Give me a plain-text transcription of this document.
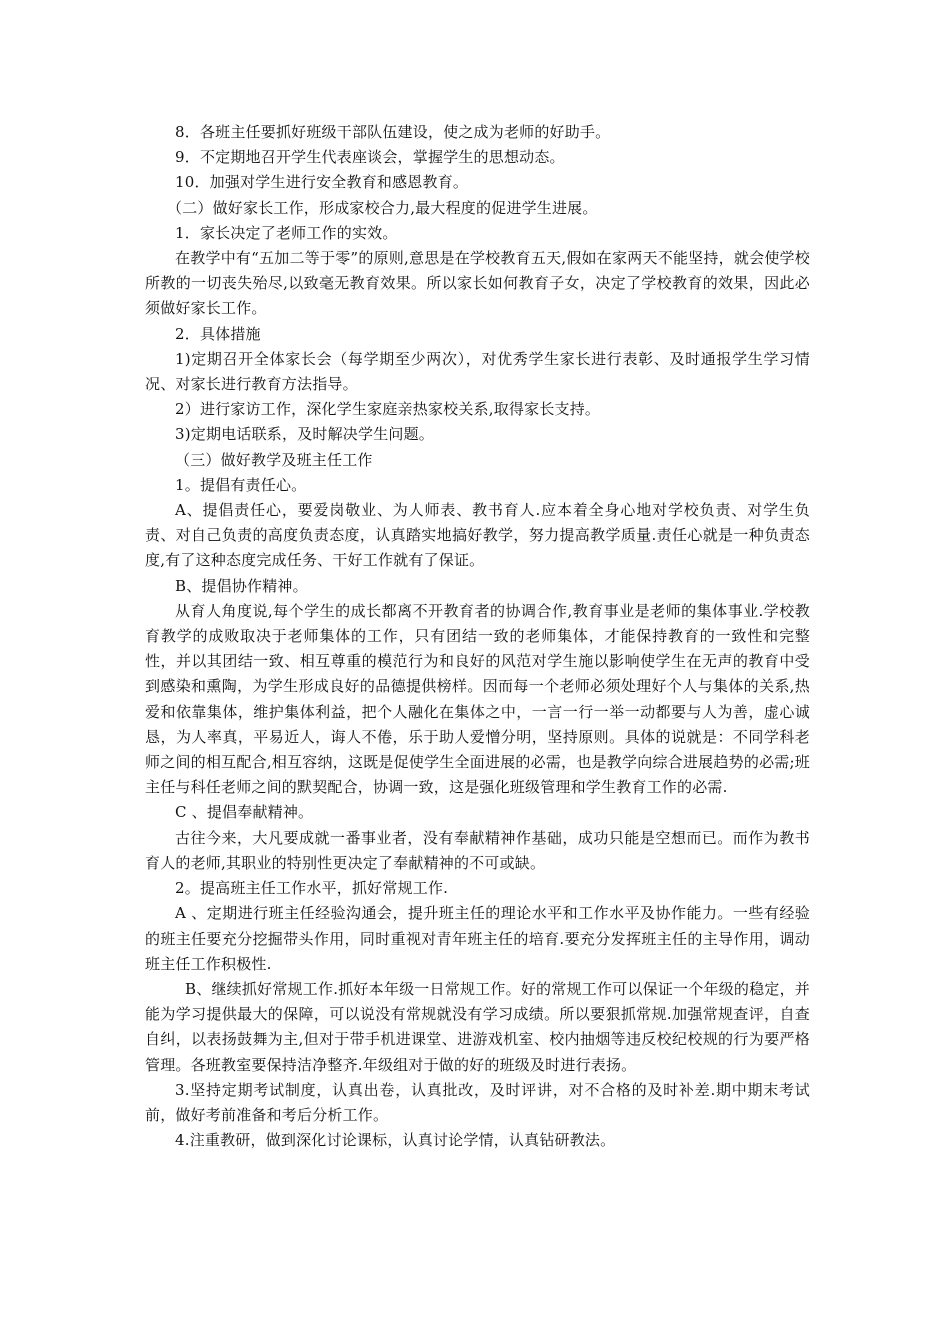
8．各班主任要抓好班级干部队伍建设，使之成为老师的好助手。

9．不定期地召开学生代表座谈会，掌握学生的思想动态。

10．加强对学生进行安全教育和感恩教育。

（二）做好家长工作，形成家校合力,最大程度的促进学生进展。

1．家长决定了老师工作的实效。

在教学中有“五加二等于零”的原则,意思是在学校教育五天,假如在家两天不能坚持，就会使学校所教的一切丧失殆尽,以致毫无教育效果。所以家长如何教育子女，决定了学校教育的效果，因此必须做好家长工作。

2．具体措施

1)定期召开全体家长会（每学期至少两次），对优秀学生家长进行表彰、及时通报学生学习情况、对家长进行教育方法指导。

2）进行家访工作，深化学生家庭亲热家校关系,取得家长支持。

3)定期电话联系，及时解决学生问题。

（三）做好教学及班主任工作

1。提倡有责任心。

A、提倡责任心，要爱岗敬业、为人师表、教书育人.应本着全身心地对学校负责、对学生负责、对自己负责的高度负责态度，认真踏实地搞好教学，努力提高教学质量.责任心就是一种负责态度,有了这种态度完成任务、干好工作就有了保证。

B、提倡协作精神。

从育人角度说,每个学生的成长都离不开教育者的协调合作,教育事业是老师的集体事业.学校教育教学的成败取决于老师集体的工作，只有团结一致的老师集体，才能保持教育的一致性和完整性，并以其团结一致、相互尊重的模范行为和良好的风范对学生施以影响使学生在无声的教育中受到感染和熏陶，为学生形成良好的品德提供榜样。因而每一个老师必须处理好个人与集体的关系,热爱和依靠集体，维护集体利益，把个人融化在集体之中，一言一行一举一动都要与人为善，虚心诚恳，为人率真，平易近人，诲人不倦，乐于助人爱憎分明，坚持原则。具体的说就是：不同学科老师之间的相互配合,相互容纳，这既是促使学生全面进展的必需，也是教学向综合进展趋势的必需;班主任与科任老师之间的默契配合，协调一致，这是强化班级管理和学生教育工作的必需.

C 、提倡奉献精神。

古往今来，大凡要成就一番事业者，没有奉献精神作基础，成功只能是空想而已。而作为教书育人的老师,其职业的特别性更决定了奉献精神的不可或缺。

2。提高班主任工作水平，抓好常规工作.

A 、定期进行班主任经验沟通会，提升班主任的理论水平和工作水平及协作能力。一些有经验的班主任要充分挖掘带头作用，同时重视对青年班主任的培育.要充分发挥班主任的主导作用，调动班主任工作积极性.

B、继续抓好常规工作.抓好本年级一日常规工作。好的常规工作可以保证一个年级的稳定，并能为学习提供最大的保障，可以说没有常规就没有学习成绩。所以要狠抓常规.加强常规查评，自查自纠，以表扬鼓舞为主,但对于带手机进课堂、进游戏机室、校内抽烟等违反校纪校规的行为要严格管理。各班教室要保持洁净整齐.年级组对于做的好的班级及时进行表扬。

3.坚持定期考试制度，认真出卷，认真批改，及时评讲，对不合格的及时补差.期中期末考试前，做好考前准备和考后分析工作。

4.注重教研，做到深化讨论课标，认真讨论学情，认真钻研教法。
